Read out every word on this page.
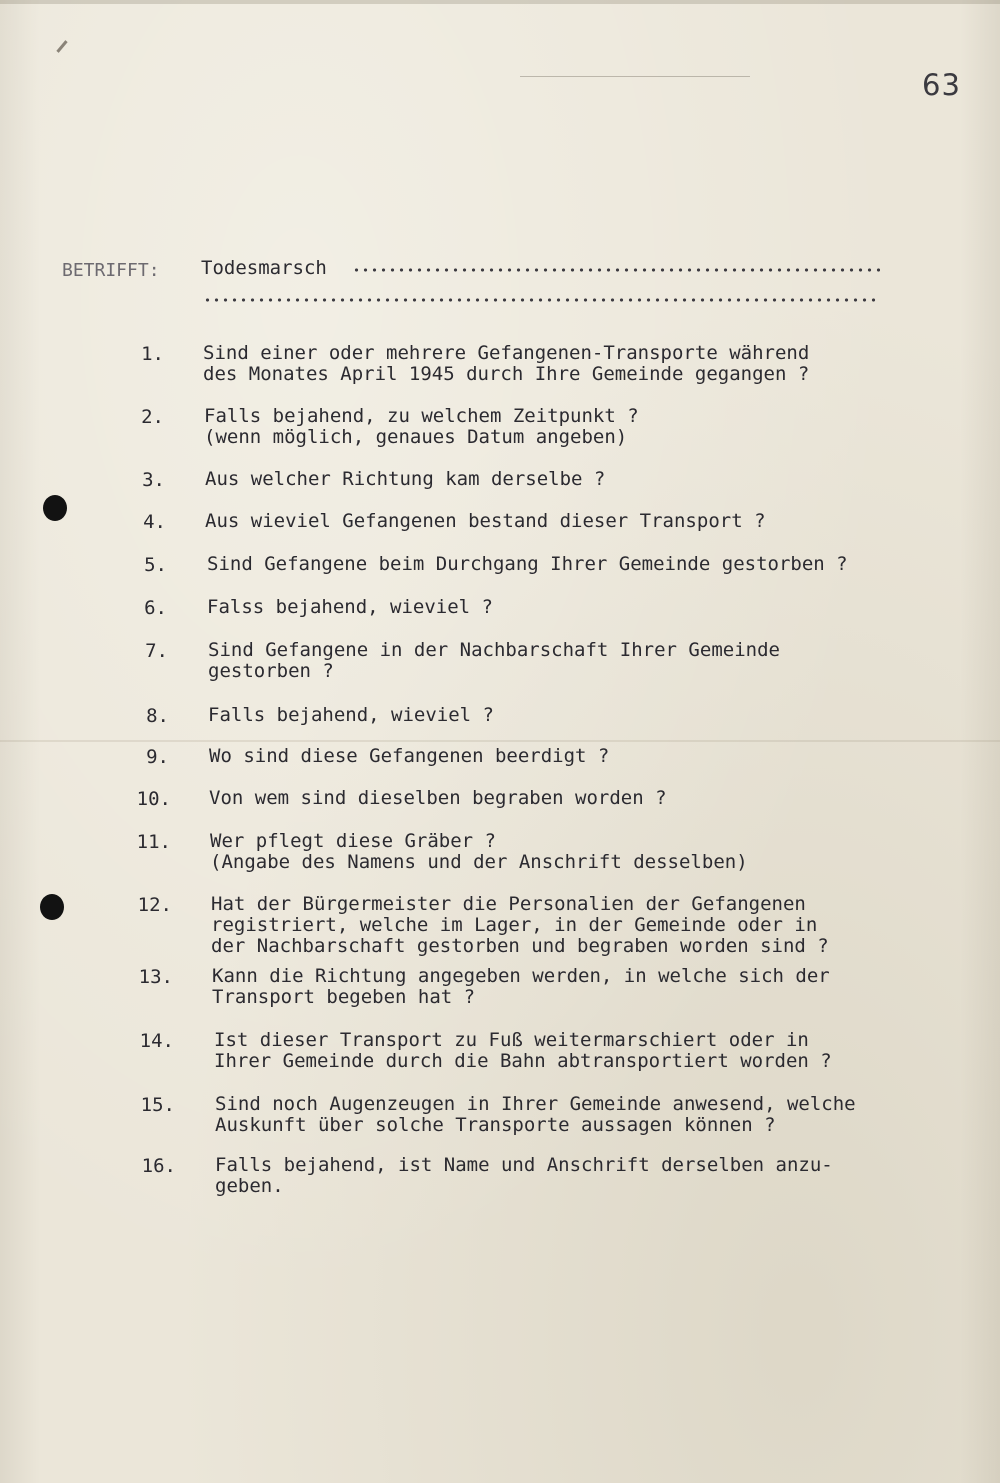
63
BETRIFFT: Todesmarsch
1. Sind einer oder mehrere Gefangenen-Transporte während
des Monates April 1945 durch Ihre Gemeinde gegangen ?
2. Falls bejahend, zu welchem Zeitpunkt ?
(wenn möglich, genaues Datum angeben)
3. Aus welcher Richtung kam derselbe ?
4. Aus wieviel Gefangenen bestand dieser Transport ?
5. Sind Gefangene beim Durchgang Ihrer Gemeinde gestorben ?
6. Falss bejahend, wieviel ?
7. Sind Gefangene in der Nachbarschaft Ihrer Gemeinde
gestorben ?
8. Falls bejahend, wieviel ?
9. Wo sind diese Gefangenen beerdigt ?
10. Von wem sind dieselben begraben worden ?
11. Wer pflegt diese Gräber ?
(Angabe des Namens und der Anschrift desselben)
12. Hat der Bürgermeister die Personalien der Gefangenen
registriert, welche im Lager, in der Gemeinde oder in
der Nachbarschaft gestorben und begraben worden sind ?
13. Kann die Richtung angegeben werden, in welche sich der
Transport begeben hat ?
14. Ist dieser Transport zu Fuß weitermarschiert oder in
Ihrer Gemeinde durch die Bahn abtransportiert worden ?
15. Sind noch Augenzeugen in Ihrer Gemeinde anwesend, welche
Auskunft über solche Transporte aussagen können ?
16. Falls bejahend, ist Name und Anschrift derselben anzu-
geben.
